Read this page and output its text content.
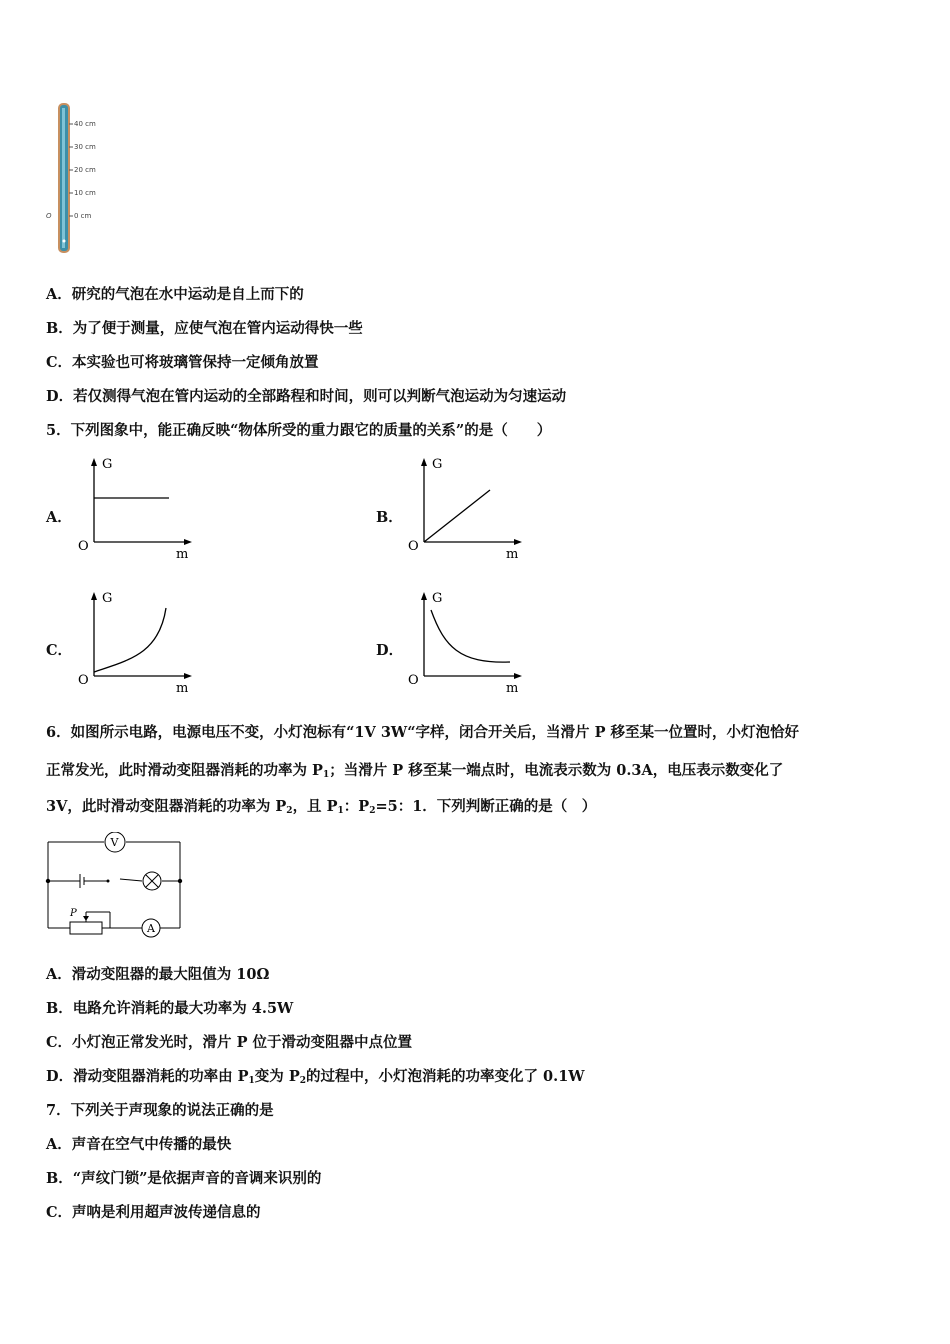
40 cm
30 cm
20 cm
10 cm
0 cm
O
A．研究的气泡在水中运动是自上而下的
B．为了便于测量，应使气泡在管内运动得快一些
C．本实验也可将玻璃管保持一定倾角放置
D．若仅测得气泡在管内运动的全部路程和时间，则可以判断气泡运动为匀速运动
5．下列图象中，能正确反映“物体所受的重力跟它的质量的关系”的是（　　）
A．
G
m
O
B．
G
m
O
C．
G
m
O
D．
G
m
O
6．如图所示电路，电源电压不变，小灯泡标有“1V 3W“字样，闭合开关后，当滑片 P 移至某一位置时，小灯泡恰好
正常发光，此时滑动变阻器消耗的功率为 $P_1$；当滑片 P 移至某一端点时，电流表示数为 0.3A，电压表示数变化了
3V，此时滑动变阻器消耗的功率为 $P_2$，且 $P_1$：$P_2=5$：1．下列判断正确的是（　）
V
A
P
A．滑动变阻器的最大阻值为 10Ω
B．电路允许消耗的最大功率为 4.5W
C．小灯泡正常发光时，滑片 P 位于滑动变阻器中点位置
D．滑动变阻器消耗的功率由 $P_1$变为 $P_2$的过程中，小灯泡消耗的功率变化了 0.1W
7．下列关于声现象的说法正确的是
A．声音在空气中传播的最快
B．“声纹门锁”是依据声音的音调来识别的
C．声呐是利用超声波传递信息的
